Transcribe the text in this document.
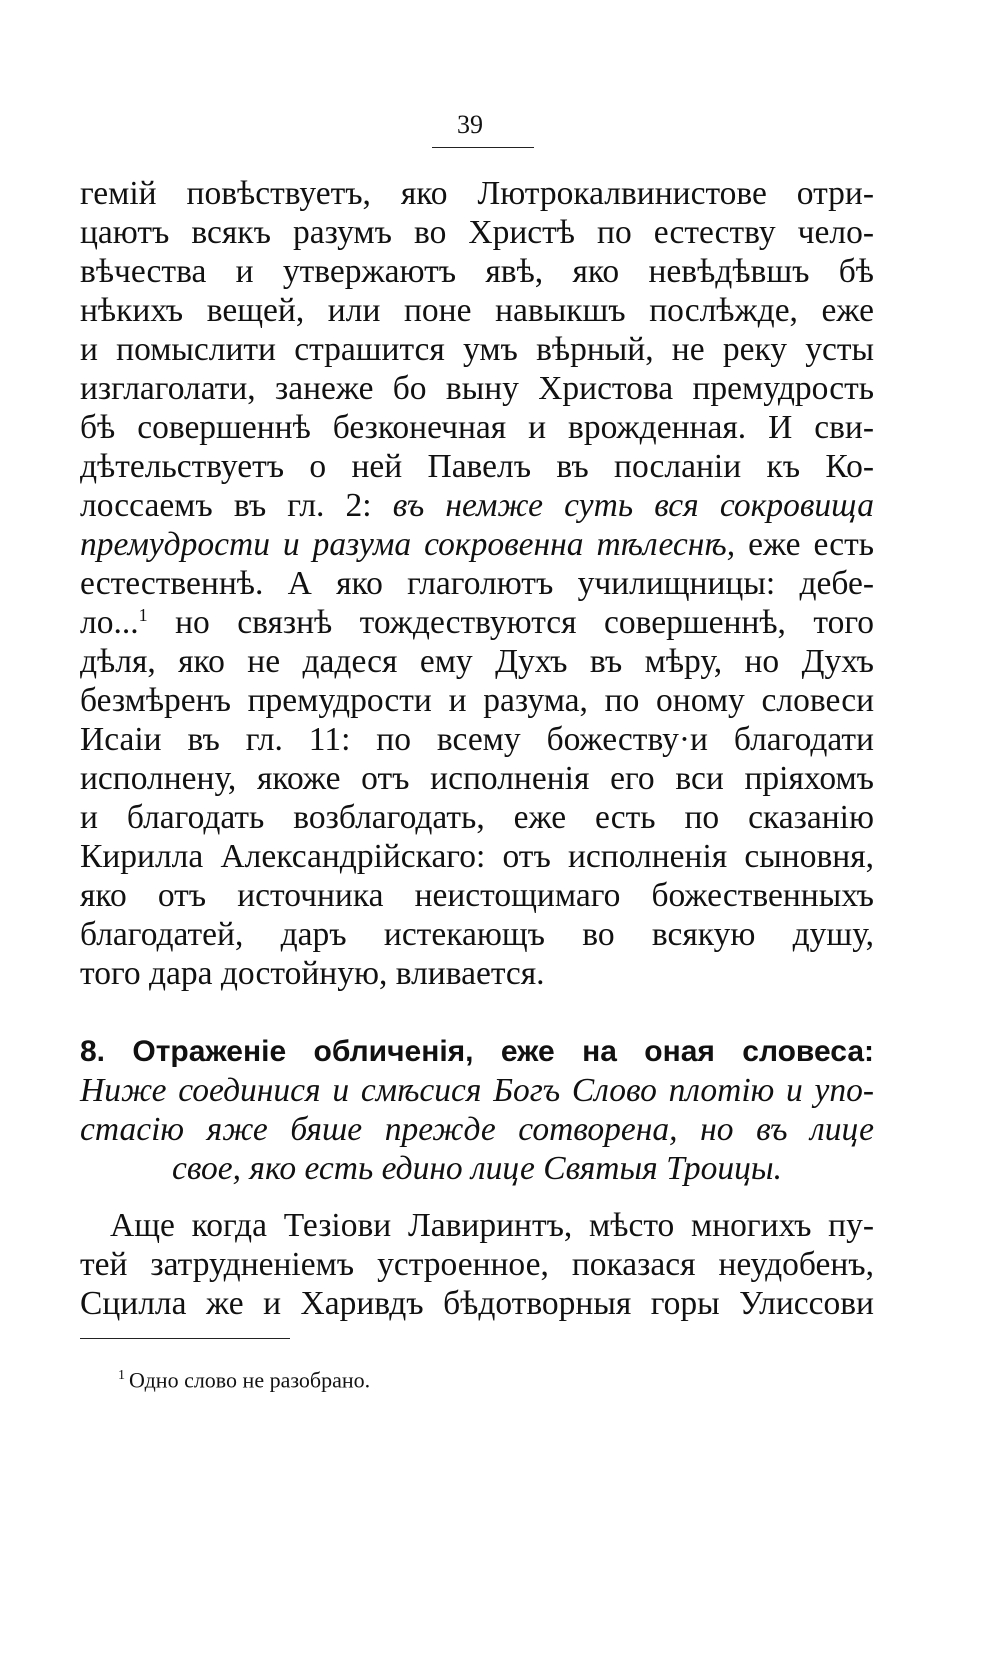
39
гемій повѣствуетъ, яко Лютрокалвинистове отри-
цаютъ всякъ разумъ во Христѣ по естеству чело-
вѣчества и утвержаютъ явѣ, яко невѣдѣвшъ бѣ
нѣкихъ вещей, или поне навыкшъ послѣжде, еже
и помыслити страшится умъ вѣрный, не реку усты
изглаголати, занеже бо выну Христова премудрость
бѣ совершеннѣ безконечная и врожденная. И сви-
дѣтельствуетъ о ней Павелъ въ посланіи къ Ко-
лоссаемъ въ гл. 2: въ немже суть вся сокровища
премудрости и разума сокровенна тѣлеснѣ, еже есть
естественнѣ. А яко глаголютъ училищницы: дебе-
ло...$^1$ но связнѣ тождествуются совершеннѣ, того
дѣля, яко не дадеся ему Духъ въ мѣру, но Духъ
безмѣренъ премудрости и разума, по оному словеси
Исаіи въ гл. 11: по всему божеству·и благодати
исполнену, якоже отъ исполненія его вси пріяхомъ
и благодать возблагодать, еже есть по сказанію
Кирилла Александрійскаго: отъ исполненія сыновня,
яко отъ источника неистощимаго божественныхъ
благодатей, даръ истекающъ во всякую душу,
того дара достойную, вливается.
8. Отраженіе обличенія, еже на оная словеса:
Ниже соединися и смѣсися Богъ Слово плотію и упо-
стасію яже бяше прежде сотворена, но въ лице
свое, яко есть едино лице Святыя Троицы.
Аще когда Тезіови Лавиринтъ, мѣсто многихъ пу-
тей затрудненіемъ устроенное, показася неудобенъ,
Сцилла же и Харивдъ бѣдотворныя горы Улиссови
$^1$ Одно слово не разобрано.
